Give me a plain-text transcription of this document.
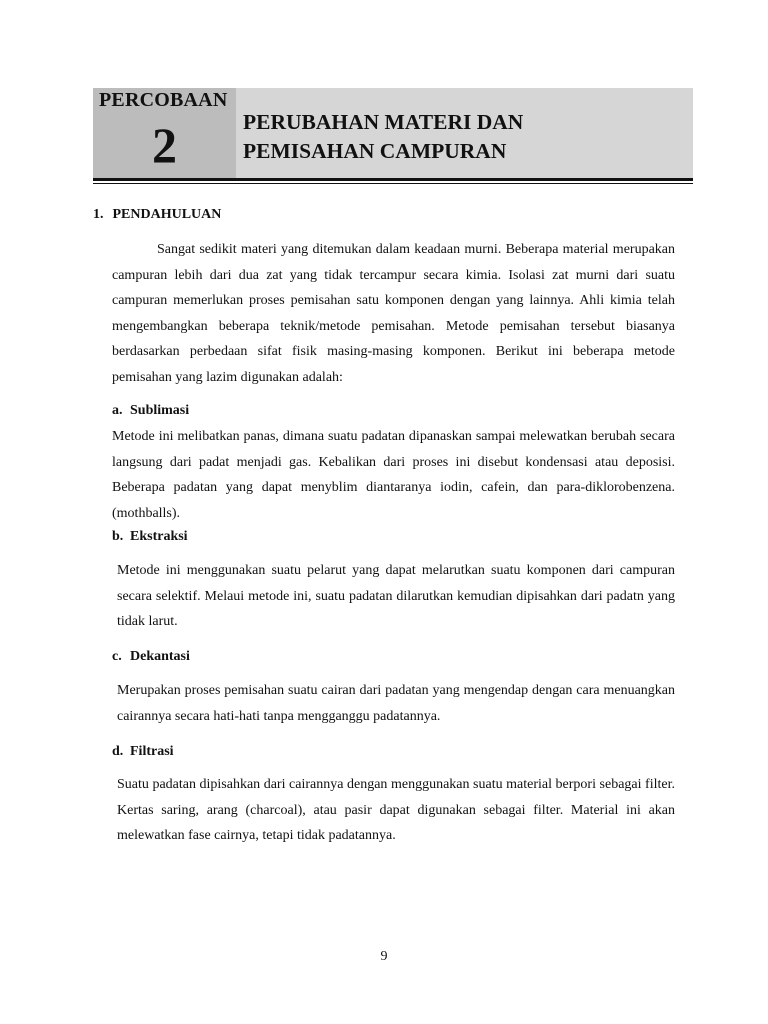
PERCOBAAN
2	PERUBAHAN MATERI DAN
PEMISAHAN CAMPURAN
1. PENDAHULUAN

Sangat sedikit materi yang ditemukan dalam keadaan murni. Beberapa material merupakan campuran lebih dari dua zat yang tidak tercampur secara kimia. Isolasi zat murni dari suatu campuran memerlukan proses pemisahan satu komponen dengan yang lainnya. Ahli kimia telah mengembangkan beberapa teknik/metode pemisahan. Metode pemisahan tersebut biasanya berdasarkan perbedaan sifat fisik masing-masing komponen. Berikut ini beberapa metode pemisahan yang lazim digunakan adalah:

a. Sublimasi

Metode ini melibatkan panas, dimana suatu padatan dipanaskan sampai melewatkan berubah secara langsung dari padat menjadi gas. Kebalikan dari proses ini disebut kondensasi atau deposisi. Beberapa padatan yang dapat menyblim diantaranya iodin, cafein, dan para-diklorobenzena.(mothballs).

b. Ekstraksi

Metode ini menggunakan suatu pelarut yang dapat melarutkan suatu komponen dari campuran secara selektif. Melaui metode ini, suatu padatan dilarutkan kemudian dipisahkan dari padatn yang tidak larut.

c. Dekantasi

Merupakan proses pemisahan suatu cairan dari padatan yang mengendap dengan cara menuangkan cairannya secara hati-hati tanpa mengganggu padatannya.

d. Filtrasi

Suatu padatan dipisahkan dari cairannya dengan menggunakan suatu material berpori sebagai filter. Kertas saring, arang (charcoal), atau pasir dapat digunakan sebagai filter. Material ini akan melewatkan fase cairnya, tetapi tidak padatannya.

9
